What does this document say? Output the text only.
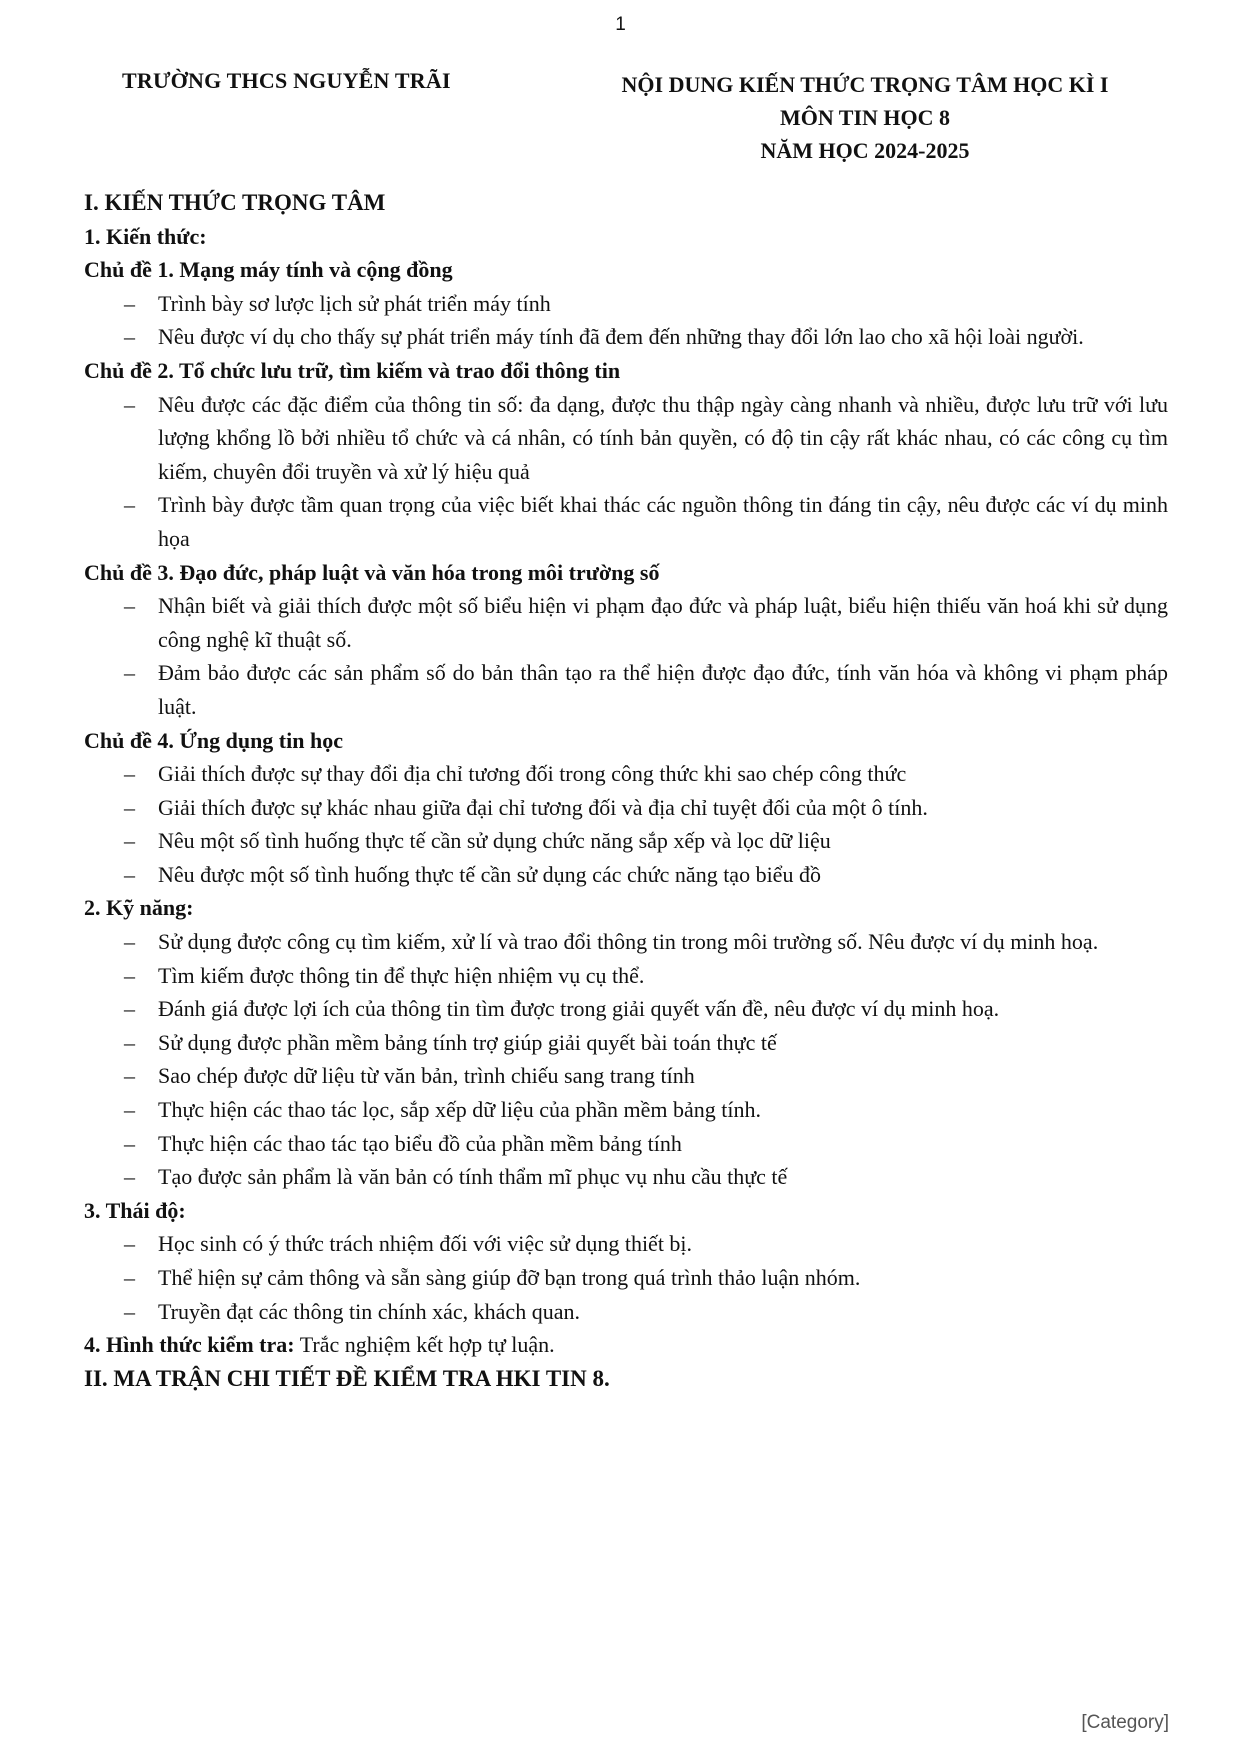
1
TRƯỜNG THCS NGUYỄN TRÃI	NỘI DUNG KIẾN THỨC TRỌNG TÂM HỌC KÌ I
MÔN TIN HỌC 8
NĂM HỌC 2024-2025
I. KIẾN THỨC TRỌNG TÂM
1. Kiến thức:
Chủ đề 1. Mạng máy tính và cộng đồng
– Trình bày sơ lược lịch sử phát triển máy tính
– Nêu được ví dụ cho thấy sự phát triển máy tính đã đem đến những thay đổi lớn lao cho xã hội loài người.
Chủ đề 2. Tổ chức lưu trữ, tìm kiếm và trao đổi thông tin
– Nêu được các đặc điểm của thông tin số: đa dạng, được thu thập ngày càng nhanh và nhiều, được lưu trữ với lưu lượng khổng lồ bởi nhiều tổ chức và cá nhân, có tính bản quyền, có độ tin cậy rất khác nhau, có các công cụ tìm kiếm, chuyên đổi truyền và xử lý hiệu quả
– Trình bày được tầm quan trọng của việc biết khai thác các nguồn thông tin đáng tin cậy, nêu được các ví dụ minh họa
Chủ đề 3. Đạo đức, pháp luật và văn hóa trong môi trường số
– Nhận biết và giải thích được một số biểu hiện vi phạm đạo đức và pháp luật, biểu hiện thiếu văn hoá khi sử dụng công nghệ kĩ thuật số.
– Đảm bảo được các sản phẩm số do bản thân tạo ra thể hiện được đạo đức, tính văn hóa và không vi phạm pháp luật.
Chủ đề 4. Ứng dụng tin học
– Giải thích được sự thay đổi địa chỉ tương đối trong công thức khi sao chép công thức
– Giải thích được sự khác nhau giữa đại chỉ tương đối và địa chỉ tuyệt đối của một ô tính.
– Nêu một số tình huống thực tế cần sử dụng chức năng sắp xếp và lọc dữ liệu
– Nêu được một số tình huống thực tế cần sử dụng các chức năng tạo biểu đồ
2. Kỹ năng:
– Sử dụng được công cụ tìm kiếm, xử lí và trao đổi thông tin trong môi trường số. Nêu được ví dụ minh hoạ.
– Tìm kiếm được thông tin để thực hiện nhiệm vụ cụ thể.
– Đánh giá được lợi ích của thông tin tìm được trong giải quyết vấn đề, nêu được ví dụ minh hoạ.
– Sử dụng được phần mềm bảng tính trợ giúp giải quyết bài toán thực tế
– Sao chép được dữ liệu từ văn bản, trình chiếu sang trang tính
– Thực hiện các thao tác lọc, sắp xếp dữ liệu của phần mềm bảng tính.
– Thực hiện các thao tác tạo biểu đồ của phần mềm bảng tính
– Tạo được sản phẩm là văn bản có tính thẩm mĩ phục vụ nhu cầu thực tế
3. Thái độ:
– Học sinh có ý thức trách nhiệm đối với việc sử dụng thiết bị.
– Thể hiện sự cảm thông và sẵn sàng giúp đỡ bạn trong quá trình thảo luận nhóm.
– Truyền đạt các thông tin chính xác, khách quan.
4. Hình thức kiểm tra: Trắc nghiệm kết hợp tự luận.
II. MA TRẬN CHI TIẾT ĐỀ KIỂM TRA HKI TIN 8.
[Category]
